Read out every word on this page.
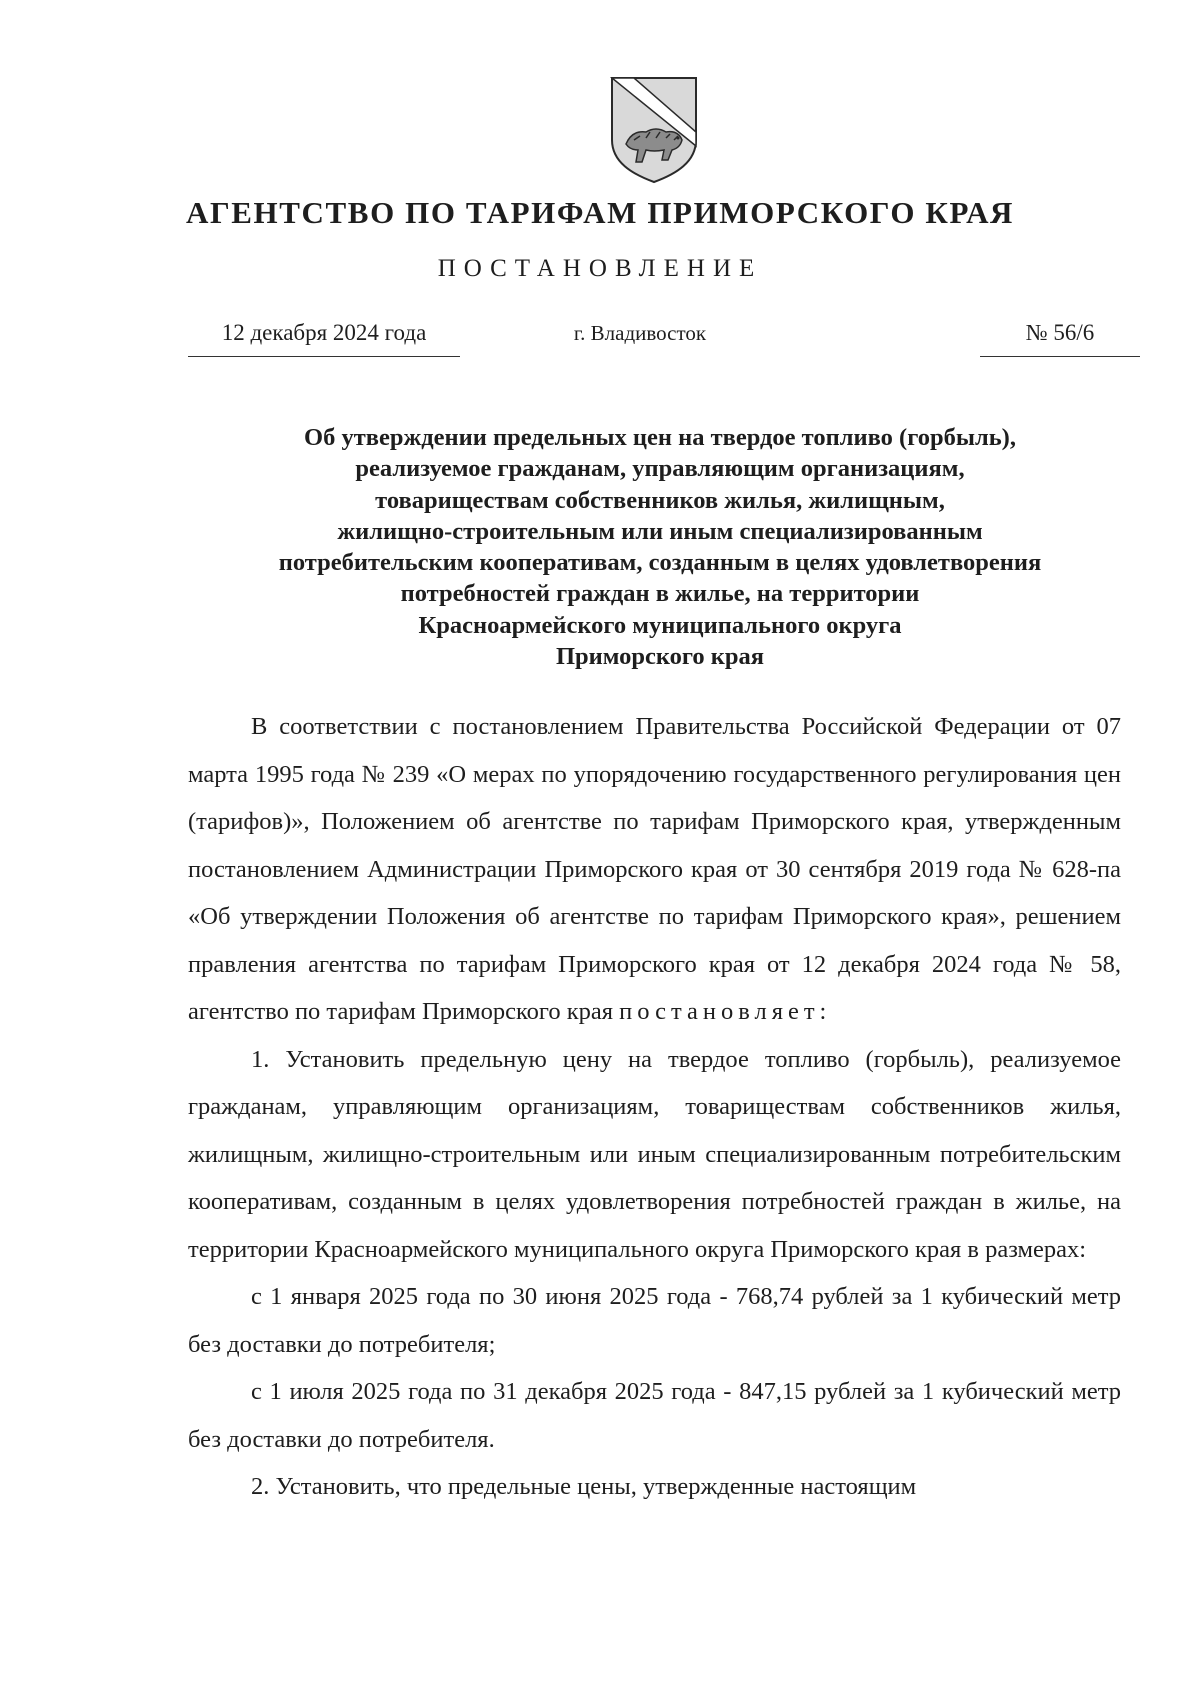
АГЕНТСТВО ПО ТАРИФАМ ПРИМОРСКОГО КРАЯ
ПОСТАНОВЛЕНИЕ
12 декабря 2024 года	г. Владивосток	№ 56/6
Об утверждении предельных цен на твердое топливо (горбыль),
реализуемое гражданам, управляющим организациям,
товариществам собственников жилья, жилищным,
жилищно-строительным или иным специализированным
потребительским кооперативам, созданным в целях удовлетворения
потребностей граждан в жилье, на территории
Красноармейского муниципального округа
Приморского края

В соответствии с постановлением Правительства Российской Федерации от 07 марта 1995 года № 239 «О мерах по упорядочению государственного регулирования цен (тарифов)», Положением об агентстве по тарифам Приморского края, утвержденным постановлением Администрации Приморского края от 30 сентября 2019 года № 628-па «Об утверждении Положения об агентстве по тарифам Приморского края», решением правления агентства по тарифам Приморского края от 12 декабря 2024 года № 58, агентство по тарифам Приморского края постановляет:

1. Установить предельную цену на твердое топливо (горбыль), реализуемое гражданам, управляющим организациям, товариществам собственников жилья, жилищным, жилищно-строительным или иным специализированным потребительским кооперативам, созданным в целях удовлетворения потребностей граждан в жилье, на территории Красноармейского муниципального округа Приморского края в размерах:

с 1 января 2025 года по 30 июня 2025 года - 768,74 рублей за 1 кубический метр без доставки до потребителя;

с 1 июля 2025 года по 31 декабря 2025 года - 847,15 рублей за 1 кубический метр без доставки до потребителя.

2. Установить, что предельные цены, утвержденные настоящим
